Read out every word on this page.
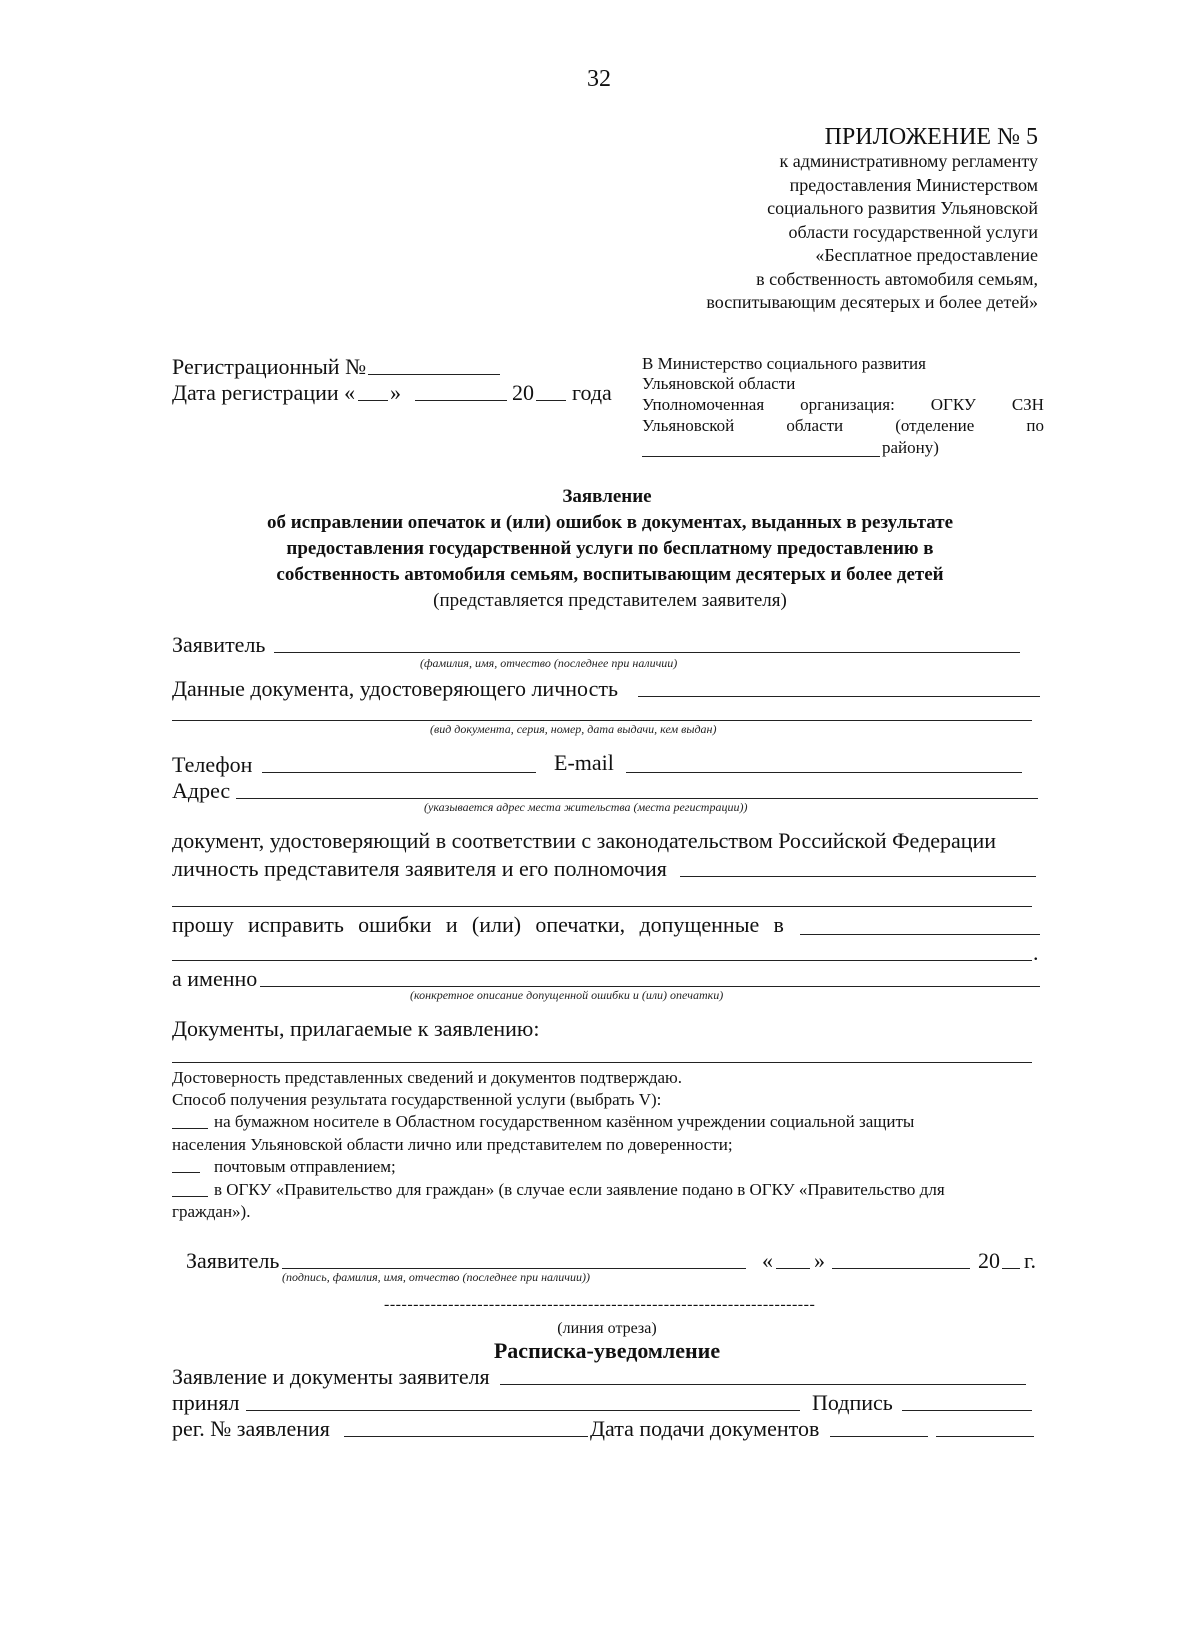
32
ПРИЛОЖЕНИЕ № 5
к административному регламенту
предоставления Министерством
социального развития Ульяновской
области государственной услуги
«Бесплатное предоставление
в собственность автомобиля семьям,
воспитывающим десятерых и более детей»
Регистрационный №
Дата регистрации « »	20 года
В Министерство социального развития
Ульяновской области
Уполномоченная организация: ОГКУ СЗН
Ульяновской	области	(отделение	по
району)
Заявление
об исправлении опечаток и (или) ошибок в документах, выданных в результате
предоставления государственной услуги по бесплатному предоставлению в
собственность автомобиля семьям, воспитывающим десятерых и более детей
(представляется представителем заявителя)
Заявитель
(фамилия, имя, отчество (последнее при наличии)
Данные документа, удостоверяющего личность
(вид документа, серия, номер, дата выдачи, кем выдан)
Телефон	E-mail
Адрес
(указывается адрес места жительства (места регистрации))
документ, удостоверяющий в соответствии с законодательством Российской Федерации
личность представителя заявителя и его полномочия
прошу исправить ошибки и (или) опечатки, допущенные в
.
а именно
(конкретное описание допущенной ошибки и (или) опечатки)
Документы, прилагаемые к заявлению:
Достоверность представленных сведений и документов подтверждаю.
Способ получения результата государственной услуги (выбрать V):
на бумажном носителе в Областном государственном казённом учреждении социальной защиты
населения Ульяновской области лично или представителем по доверенности;
почтовым отправлением;
в ОГКУ «Правительство для граждан» (в случае если заявление подано в ОГКУ «Правительство для
граждан»).
Заявитель
(подпись, фамилия, имя, отчество (последнее при наличии))
« »	20 г.
--------------------------------------------------------------------------
(линия отреза)
Расписка-уведомление
Заявление и документы заявителя
принял	Подпись
рег. № заявления	Дата подачи документов
